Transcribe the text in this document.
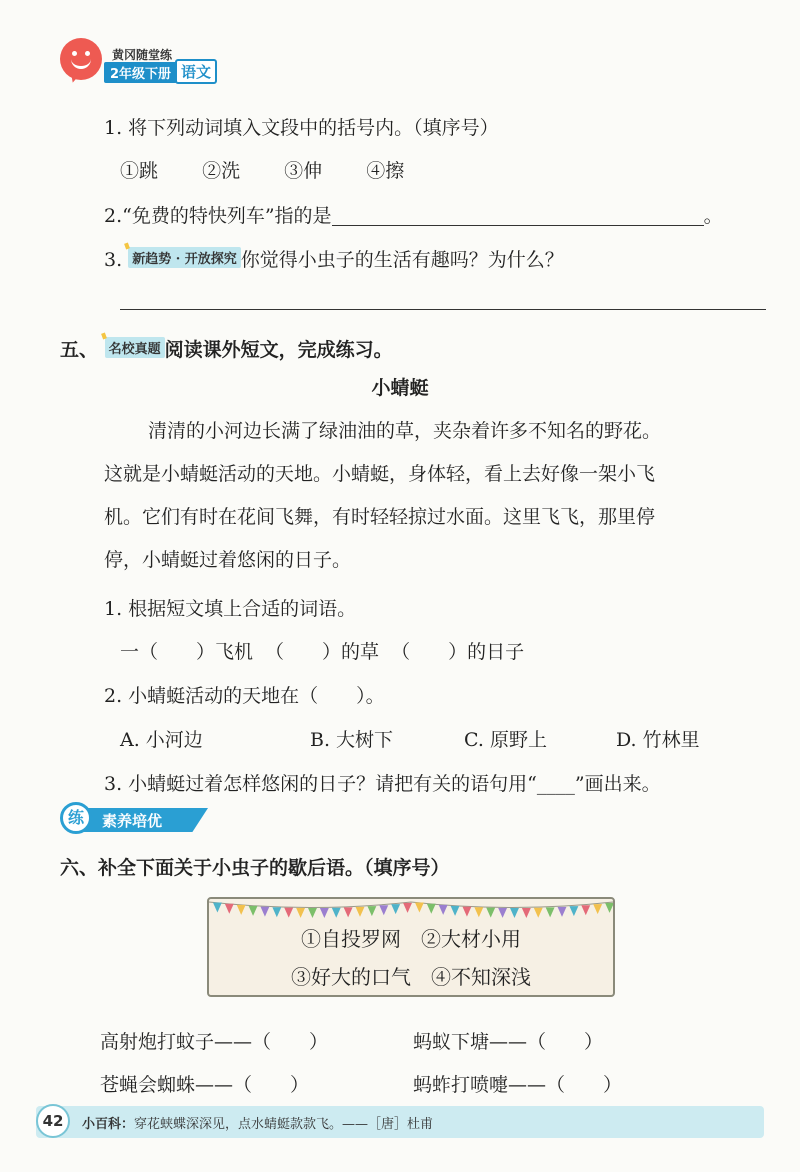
黄冈随堂练
2年级下册 语文
1. 将下列动词填入文段中的括号内。（填序号）
①跳 ②洗 ③伸 ④擦
2.“免费的特快列车”指的是	。
3. 新趋势 · 开放探究 你觉得小虫子的生活有趣吗？为什么？
五、 名校真题 阅读课外短文，完成练习。
小蜻蜓
清清的小河边长满了绿油油的草，夹杂着许多不知名的野花。
这就是小蜻蜓活动的天地。小蜻蜓，身体轻，看上去好像一架小飞
机。它们有时在花间飞舞，有时轻轻掠过水面。这里飞飞，那里停
停，小蜻蜓过着悠闲的日子。
1. 根据短文填上合适的词语。
一（　　）飞机 （　　）的草 （　　）的日子
2. 小蜻蜓活动的天地在（　　）。
A. 小河边	B. 大树下	C. 原野上	D. 竹林里
3. 小蜻蜓过着怎样悠闲的日子？请把有关的语句用“____”画出来。
练	素养培优
六、补全下面关于小虫子的歇后语。（填序号）
①自投罗网　②大材小用
③好大的口气　④不知深浅
高射炮打蚊子——（　　）	蚂蚁下塘——（　　）
苍蝇会蜘蛛——（　　）	蚂蚱打喷嚏——（　　）
42	小百科：穿花蛱蝶深深见，点水蜻蜓款款飞。——［唐］杜甫
